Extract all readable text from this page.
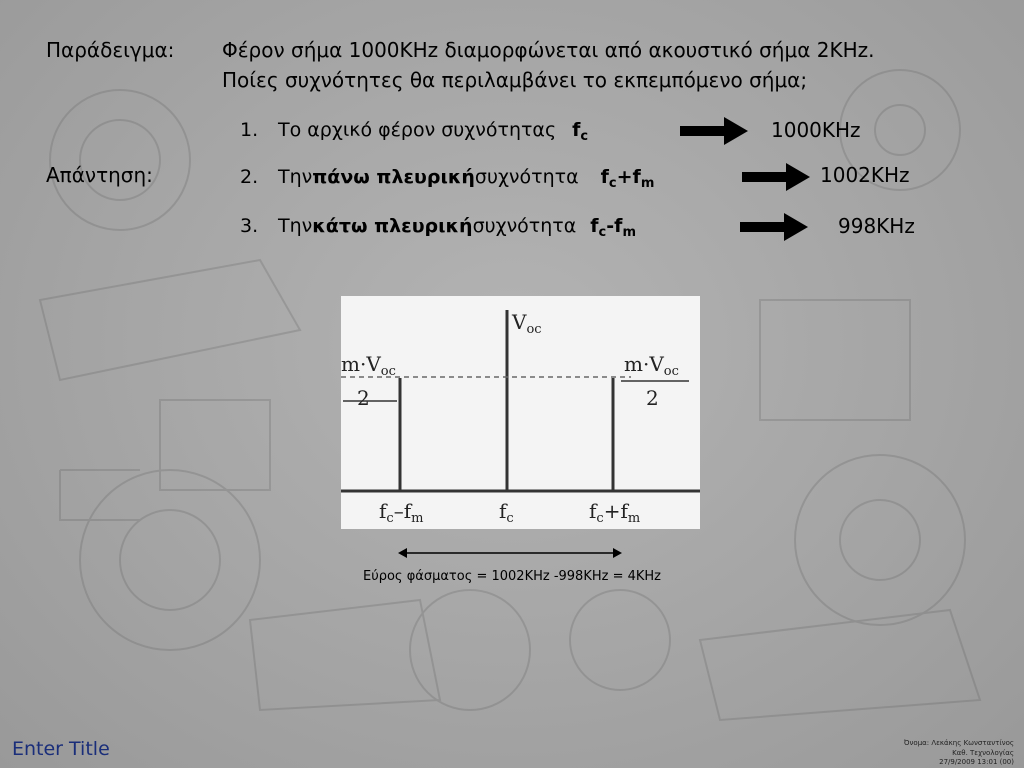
Παράδειγμα: Φέρον σήμα 1000KHz διαμορφώνεται από ακουστικό σήμα 2KHz.
Ποίες συχνότητες θα περιλαμβάνει το εκπεμπόμενο σήμα;
Απάντηση:
1.	Το αρχικό φέρον συχνότητας $f_c$	1000KHz
2.	Την πάνω πλευρική συχνότητα $f_c+f_m$	1002KHz
3.	Την κάτω πλευρική συχνότητα $f_c-f_m$	998KHz
$V_{oc}$
$m\cdot V_{oc}$
2
$m\cdot V_{oc}$
2
$f_c-f_m$	$f_c$	$f_c+f_m$
Εύρος φάσματος = 1002KHz -998KHz = 4KHz
Enter Title	Όνομα: Λεκάκης Κωνσταντίνος
Καθ. Τεχνολογίας
27/9/2009 13:01 (00)
